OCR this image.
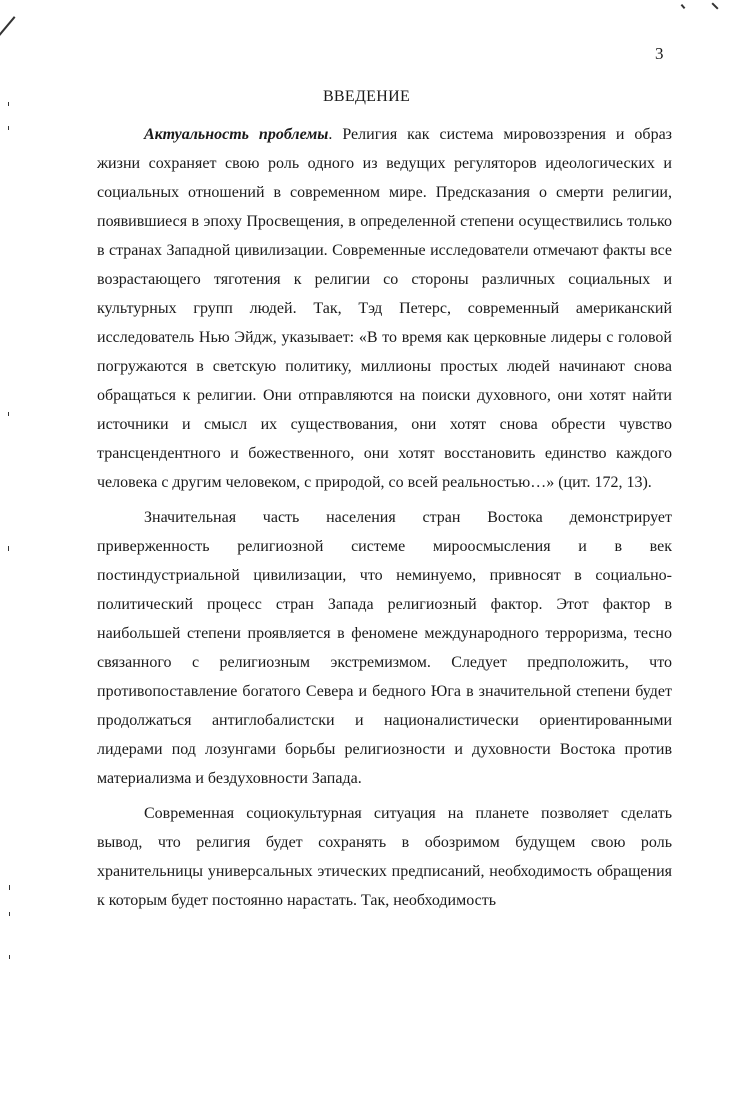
3
ВВЕДЕНИЕ

Актуальность проблемы. Религия как система мировоззрения и образ жизни сохраняет свою роль одного из ведущих регуляторов идеологических и социальных отношений в современном мире. Предсказания о смерти религии, появившиеся в эпоху Просвещения, в определенной степени осуществились только в странах Западной цивилизации. Современные исследователи отмечают факты все возрастающего тяготения к религии со стороны различных социальных и культурных групп людей. Так, Тэд Петерс, современный американский исследователь Нью Эйдж, указывает: «В то время как церковные лидеры с головой погружаются в светскую политику, миллионы простых людей начинают снова обращаться к религии. Они отправляются на поиски духовного, они хотят найти источники и смысл их существования, они хотят снова обрести чувство трансцендентного и божественного, они хотят восстановить единство каждого человека с другим человеком, с природой, со всей реальностью…» (цит. 172, 13).

Значительная часть населения стран Востока демонстрирует приверженность религиозной системе мироосмысления и в век постиндустриальной цивилизации, что неминуемо, привносят в социально-политический процесс стран Запада религиозный фактор. Этот фактор в наибольшей степени проявляется в феномене международного терроризма, тесно связанного с религиозным экстремизмом. Следует предположить, что противопоставление богатого Севера и бедного Юга в значительной степени будет продолжаться антиглобалистски и националистически ориентированными лидерами под лозунгами борьбы религиозности и духовности Востока против материализма и бездуховности Запада.

Современная социокультурная ситуация на планете позволяет сделать вывод, что религия будет сохранять в обозримом будущем свою роль хранительницы универсальных этических предписаний, необходимость обращения к которым будет постоянно нарастать. Так, необходимость
